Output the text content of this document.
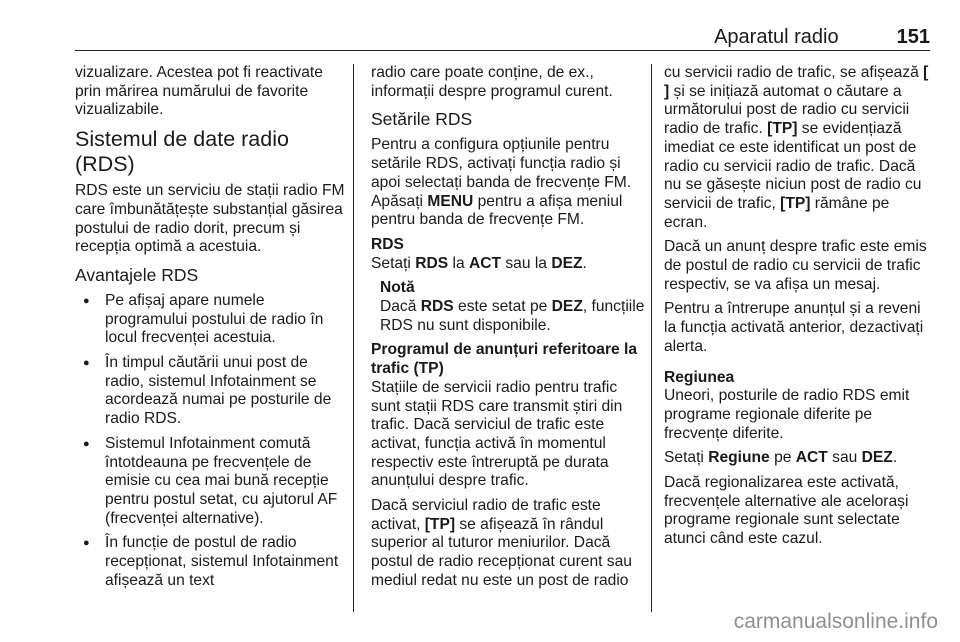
Aparatul radio	151

vizualizare. Acestea pot fi reactivate prin mărirea numărului de favorite vizualizabile.

Sistemul de date radio (RDS)

RDS este un serviciu de stații radio FM care îmbunătățește substanțial găsirea postului de radio dorit, precum și recepția optimă a acestuia.

Avantajele RDS
● Pe afișaj apare numele programului postului de radio în locul frecvenței acestuia.
● În timpul căutării unui post de radio, sistemul Infotainment se acordează numai pe posturile de radio RDS.
● Sistemul Infotainment comută întotdeauna pe frecvențele de emisie cu cea mai bună recepție pentru postul setat, cu ajutorul AF (frecvenței alternative).
● În funcție de postul de radio recepționat, sistemul Infotainment afișează un text

radio care poate conține, de ex., informații despre programul curent.

Setările RDS

Pentru a configura opțiunile pentru setările RDS, activați funcția radio și apoi selectați banda de frecvențe FM. Apăsați MENU pentru a afișa meniul pentru banda de frecvențe FM.

RDS

Setați RDS la ACT sau la DEZ.

Notă
Dacă RDS este setat pe DEZ, funcțiile RDS nu sunt disponibile.
Programul de anunțuri referitoare la trafic (TP)

Stațiile de servicii radio pentru trafic sunt stații RDS care transmit știri din trafic. Dacă serviciul de trafic este activat, funcția activă în momentul respectiv este întreruptă pe durata anunțului despre trafic.

Dacă serviciul radio de trafic este activat, [TP] se afișează în rândul superior al tuturor meniurilor. Dacă postul de radio recepționat curent sau mediul redat nu este un post de radio

cu servicii radio de trafic, se afișează [ ] și se inițiază automat o căutare a următorului post de radio cu servicii radio de trafic. [TP] se evidențiază imediat ce este identificat un post de radio cu servicii radio de trafic. Dacă nu se găsește niciun post de radio cu servicii de trafic, [TP] rămâne pe ecran.

Dacă un anunț despre trafic este emis de postul de radio cu servicii de trafic respectiv, se va afișa un mesaj.

Pentru a întrerupe anunțul și a reveni la funcția activată anterior, dezactivați alerta.

Regiunea

Uneori, posturile de radio RDS emit programe regionale diferite pe frecvențe diferite.

Setați Regiune pe ACT sau DEZ.

Dacă regionalizarea este activată, frecvențele alternative ale acelorași programe regionale sunt selectate atunci când este cazul.

carmanualsonline.info
